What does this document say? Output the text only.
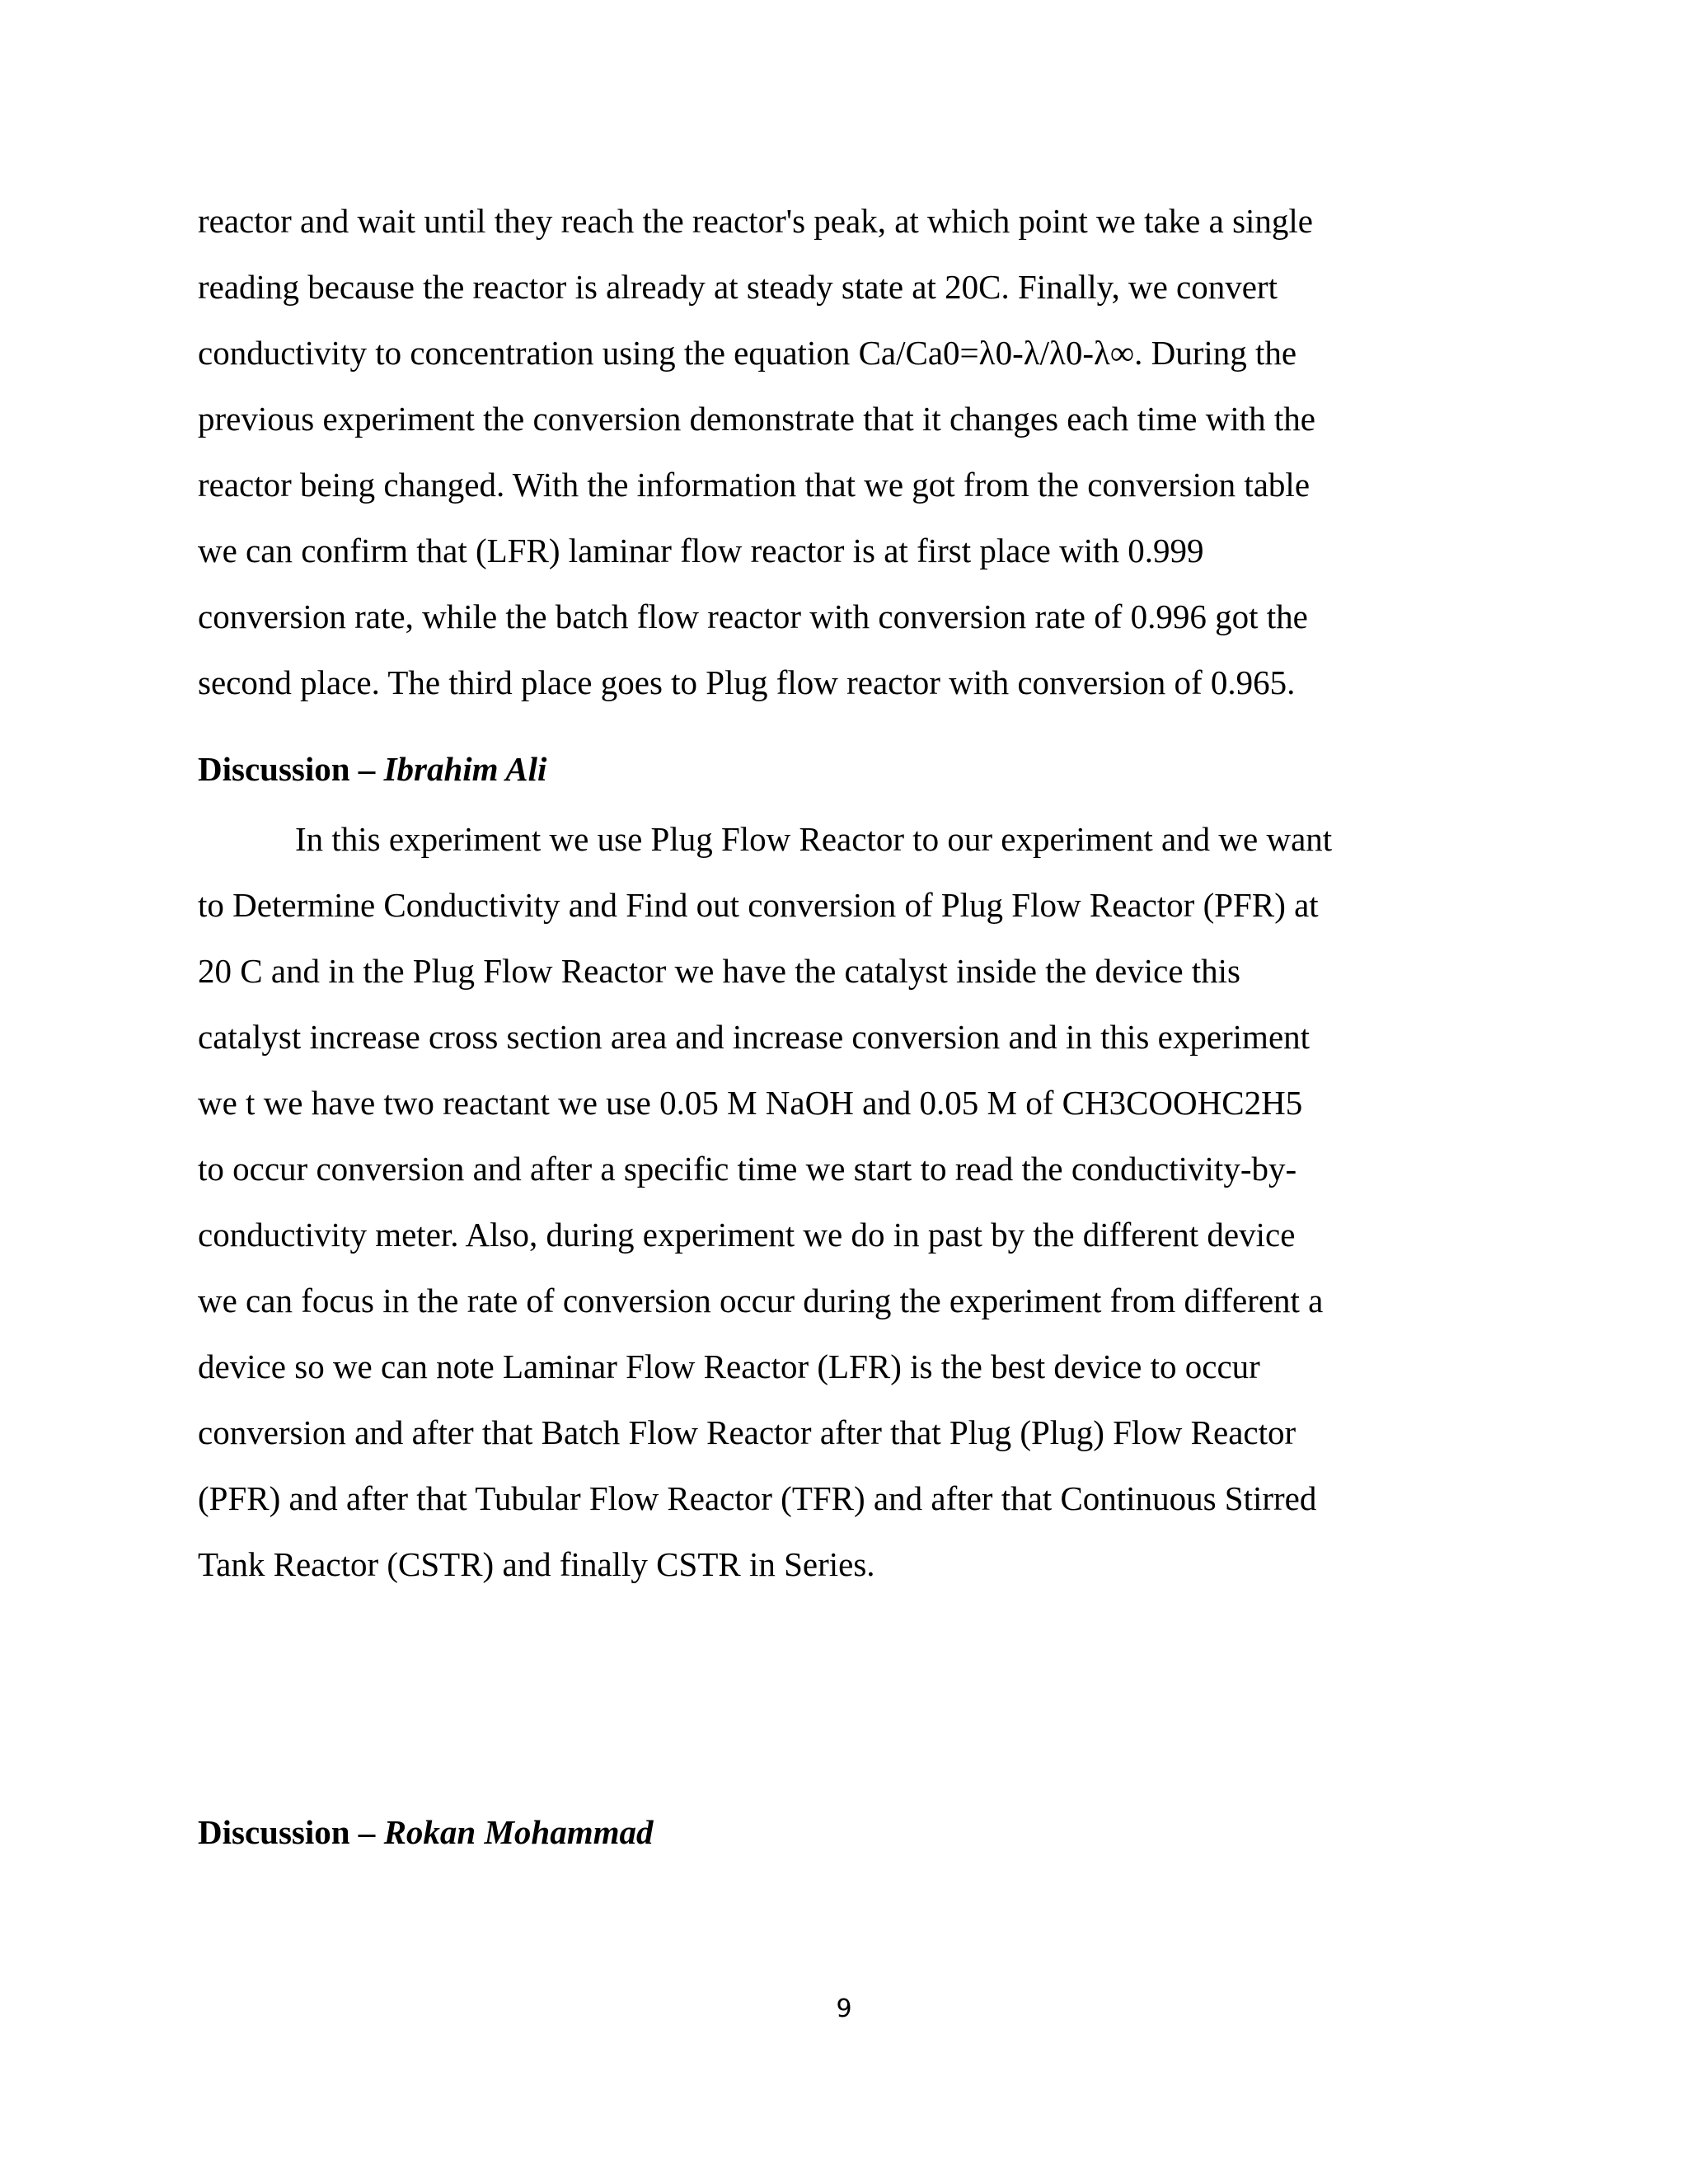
reactor and wait until they reach the reactor's peak, at which point we take a single
reading because the reactor is already at steady state at 20C. Finally, we convert
conductivity to concentration using the equation Ca/Ca0=λ0-λ/λ0-λ∞. During the
previous experiment the conversion demonstrate that it changes each time with the
reactor being changed. With the information that we got from the conversion table
we can confirm that (LFR) laminar flow reactor is at first place with 0.999
conversion rate, while the batch flow reactor with conversion rate of 0.996 got the
second place. The third place goes to Plug flow reactor with conversion of 0.965.
Discussion – Ibrahim Ali
In this experiment we use Plug Flow Reactor to our experiment and we want
to Determine Conductivity and Find out conversion of Plug Flow Reactor (PFR) at
20 C and in the Plug Flow Reactor we have the catalyst inside the device this
catalyst increase cross section area and increase conversion and in this experiment
we t we have two reactant we use 0.05 M NaOH and 0.05 M of CH3COOHC2H5
to occur conversion and after a specific time we start to read the conductivity-by-
conductivity meter. Also, during experiment we do in past by the different device
we can focus in the rate of conversion occur during the experiment from different a
device so we can note Laminar Flow Reactor (LFR) is the best device to occur
conversion and after that Batch Flow Reactor after that Plug (Plug) Flow Reactor
(PFR) and after that Tubular Flow Reactor (TFR) and after that Continuous Stirred
Tank Reactor (CSTR) and finally CSTR in Series.
Discussion – Rokan Mohammad
9
